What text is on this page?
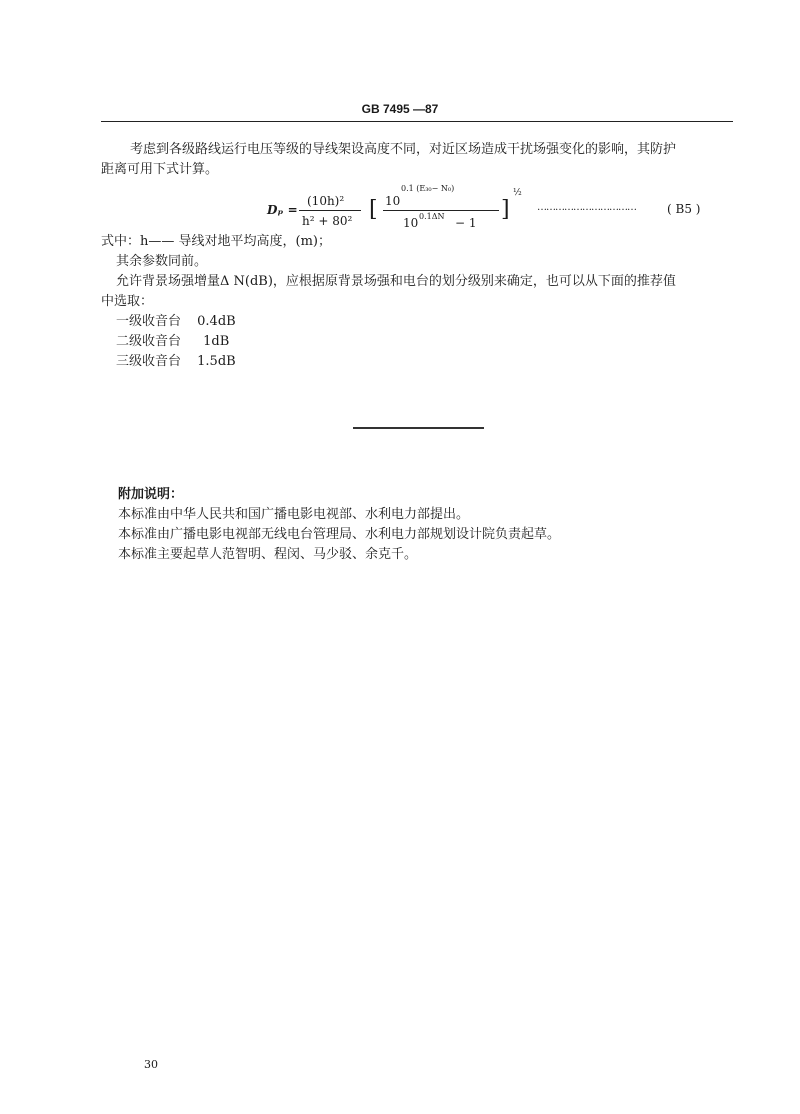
GB 7495 —87
考虑到各级路线运行电压等级的导线架设高度不同，对近区场造成干扰场强变化的影响，其防护
距离可用下式计算。
Dₚ =
(10h)²
h² + 80² [ 10
0.1 (E₃₀− N₀)
10 0.1ΔN − 1
]
½
……………………………	( B5 )
式中：h—— 导线对地平均高度，(m)；
其余参数同前。
允许背景场强增量Δ N(dB)，应根据原背景场强和电台的划分级别来确定，也可以从下面的推荐值
中选取：
一级收音台 0.4dB
二级收音台 1dB
三级收音台 1.5dB
附加说明：
本标准由中华人民共和国广播电影电视部、水利电力部提出。
本标准由广播电影电视部无线电台管理局、水利电力部规划设计院负责起草。
本标准主要起草人范智明、程闵、马少驳、余克千。
30
